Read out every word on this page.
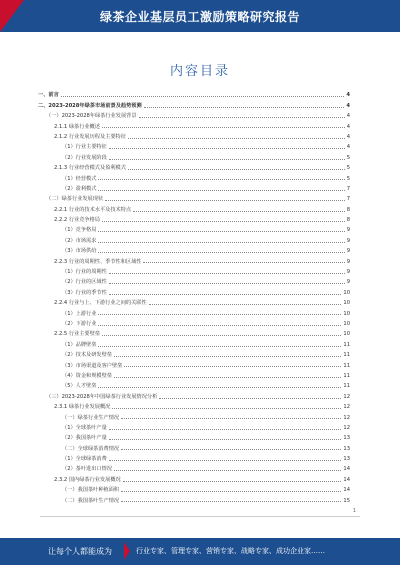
绿茶企业基层员工激励策略研究报告
内容目录
一、前言	4
二、2023-2028年绿茶市场前景及趋势预测	4
（一）2023-2028年绿茶行业发展背景	4
2.1.1 绿茶行业概述	4
2.1.2 行业发展历程及主要特征	4
（1）行业主要特征	4
（2）行业发展阶段	5
2.1.3 行业经营模式及盈利模式	5
（1）经营模式	5
（2）盈利模式	7
（二）绿茶行业发展现状	7
2.2.1 行业的技术水平及技术特点	8
2.2.2 行业竞争格局	8
（1）竞争格局	9
（2）市场需求	9
（3）市场供给	9
2.2.3 行业的周期性、季节性和区域性	9
（1）行业的周期性	9
（2）行业的区域性	9
（3）行业的季节性	10
2.2.4 行业与上、下游行业之间的关联性	10
（1）上游行业	10
（2）下游行业	10
2.2.5 行业主要壁垒	10
（1）品牌壁垒	11
（2）技术及研发壁垒	11
（3）市场渠道及客户壁垒	11
（4）资金和规模壁垒	11
（5）人才壁垒	11
（三）2023-2028年中国绿茶行业发展情况分析	12
2.3.1 绿茶行业发展概况	12
（一）绿茶行业生产情况	12
（1）全球茶叶产量	12
（2）我国茶叶产量	13
（二）全球绿茶消费情况	13
（1）全球绿茶消费	13
（2）茶叶进出口情况	14
2.3.2 国内绿茶行业发展概况	14
（一）我国茶叶种植面积	14
（二）我国茶叶生产情况	15
1
让每个人都能成为	行业专家、管理专家、营销专家、战略专家、成功企业家……
